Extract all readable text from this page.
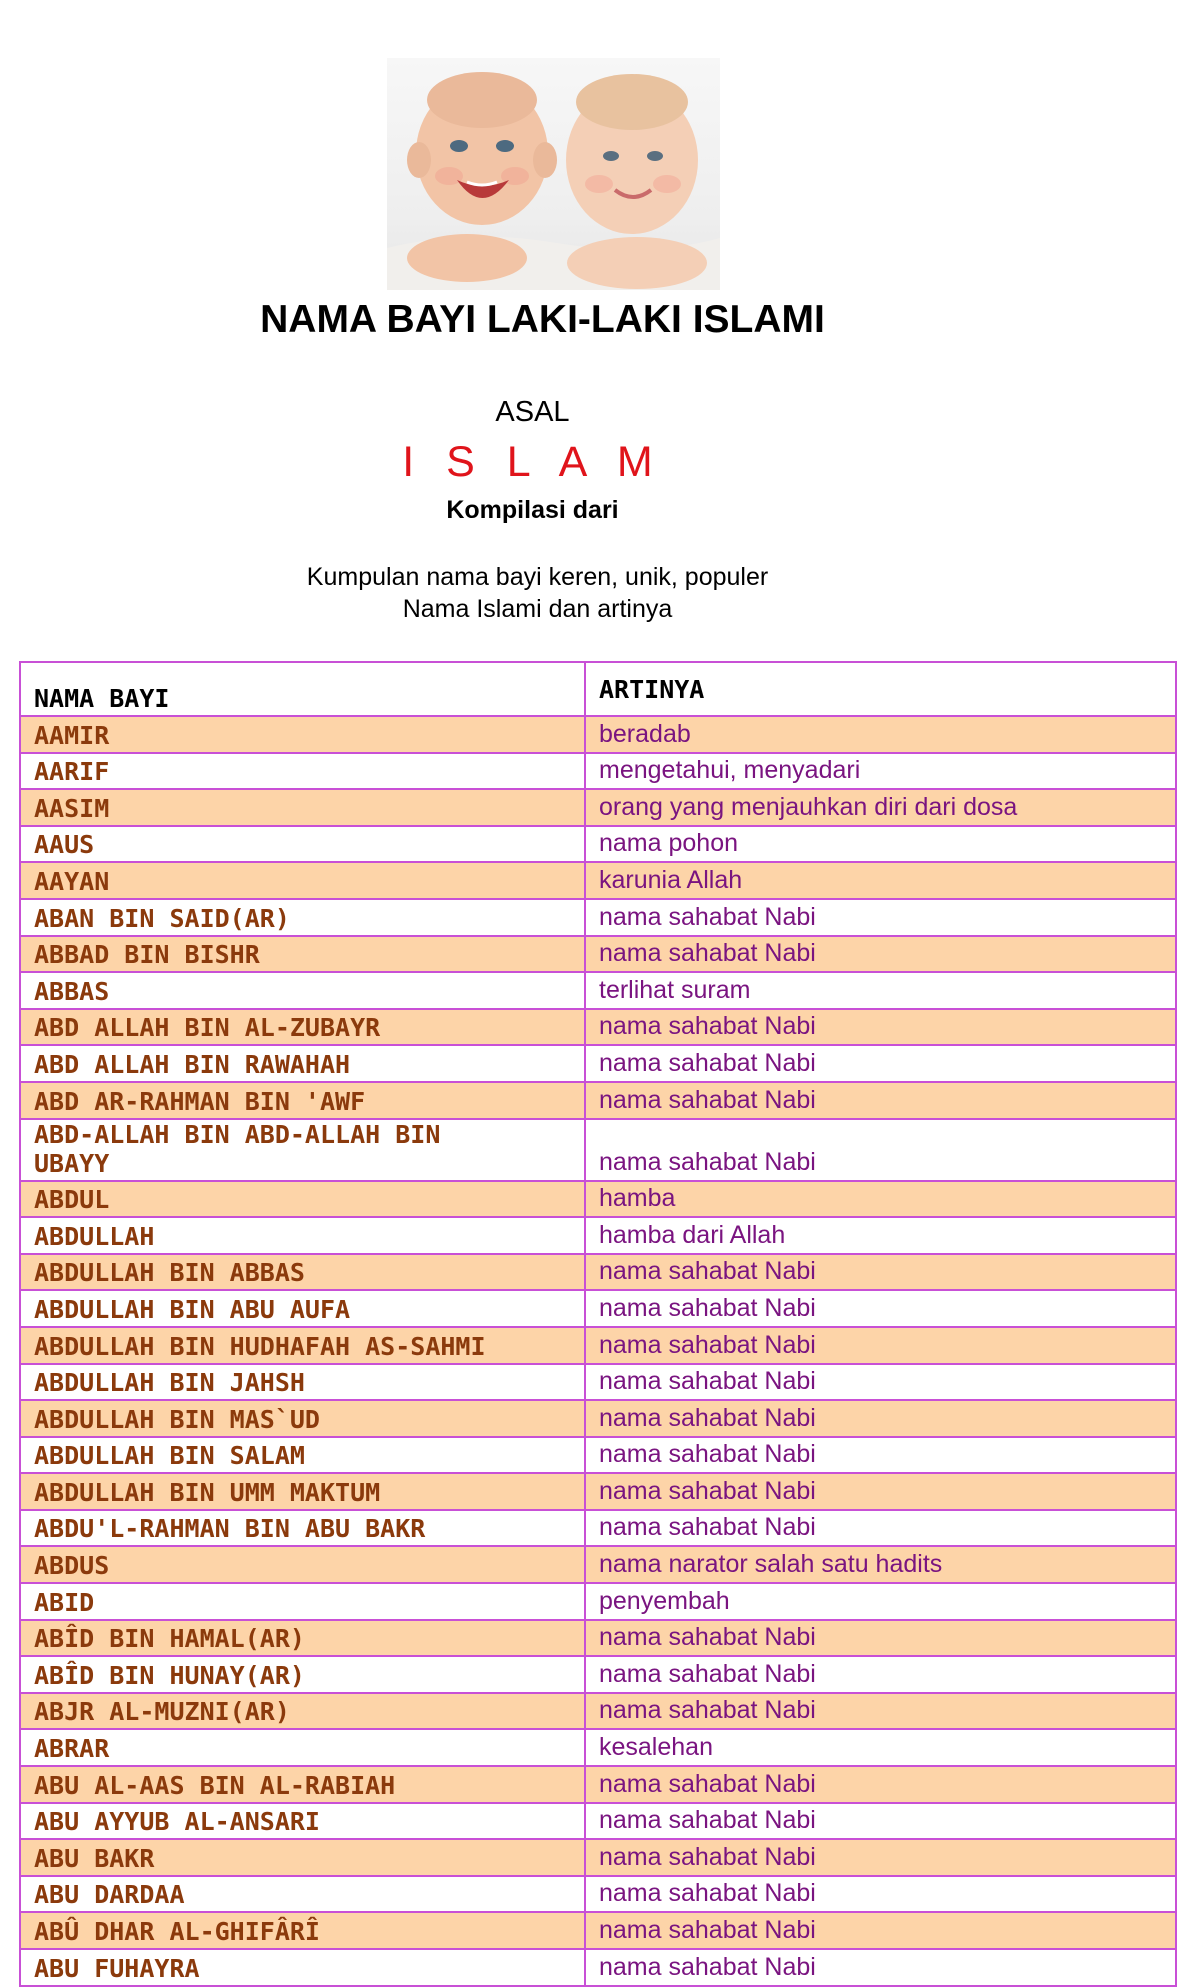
NAMA BAYI LAKI-LAKI ISLAMI
ASAL
I S L A M
Kompilasi dari
Kumpulan nama bayi keren, unik, populer
Nama Islami dan artinya
NAMA BAYI	ARTINYA
AAMIR	beradab
AARIF	mengetahui, menyadari
AASIM	orang yang menjauhkan diri dari dosa
AAUS	nama pohon
AAYAN	karunia Allah
ABAN BIN SAID(AR)	nama sahabat Nabi
ABBAD BIN BISHR	nama sahabat Nabi
ABBAS	terlihat suram
ABD ALLAH BIN AL-ZUBAYR	nama sahabat Nabi
ABD ALLAH BIN RAWAHAH	nama sahabat Nabi
ABD AR-RAHMAN BIN 'AWF	nama sahabat Nabi
ABD-ALLAH BIN ABD-ALLAH BIN
UBAYY	nama sahabat Nabi
ABDUL	hamba
ABDULLAH	hamba dari Allah
ABDULLAH BIN ABBAS	nama sahabat Nabi
ABDULLAH BIN ABU AUFA	nama sahabat Nabi
ABDULLAH BIN HUDHAFAH AS-SAHMI	nama sahabat Nabi
ABDULLAH BIN JAHSH	nama sahabat Nabi
ABDULLAH BIN MAS`UD	nama sahabat Nabi
ABDULLAH BIN SALAM	nama sahabat Nabi
ABDULLAH BIN UMM MAKTUM	nama sahabat Nabi
ABDU'L-RAHMAN BIN ABU BAKR	nama sahabat Nabi
ABDUS	nama narator salah satu hadits
ABID	penyembah
ABÎD BIN HAMAL(AR)	nama sahabat Nabi
ABÎD BIN HUNAY(AR)	nama sahabat Nabi
ABJR AL-MUZNI(AR)	nama sahabat Nabi
ABRAR	kesalehan
ABU AL-AAS BIN AL-RABIAH	nama sahabat Nabi
ABU AYYUB AL-ANSARI	nama sahabat Nabi
ABU BAKR	nama sahabat Nabi
ABU DARDAA	nama sahabat Nabi
ABÛ DHAR AL-GHIFÂRÎ	nama sahabat Nabi
ABU FUHAYRA	nama sahabat Nabi
